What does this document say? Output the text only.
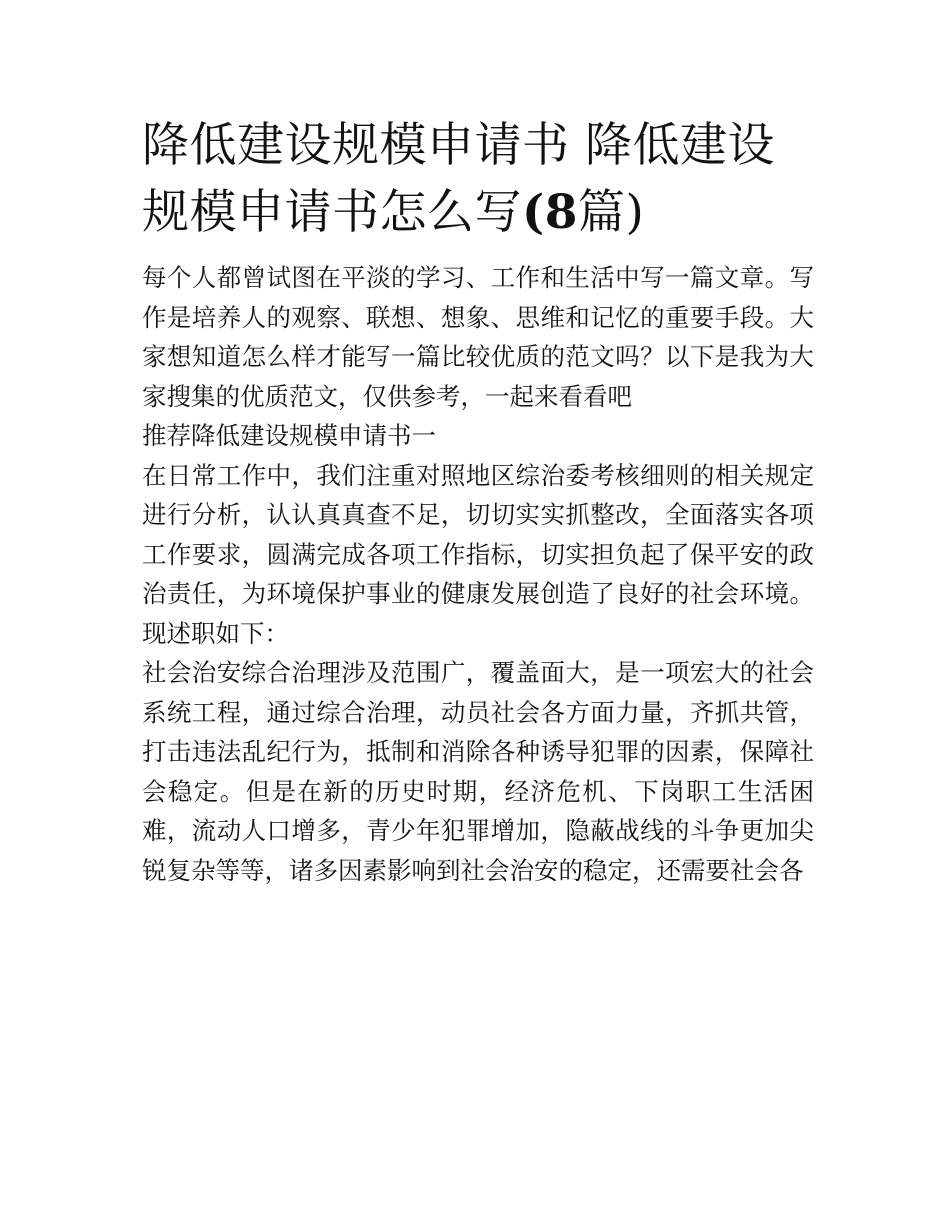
降低建设规模申请书 降低建设规模申请书怎么写(8篇)

每个人都曾试图在平淡的学习、工作和生活中写一篇文章。写作是培养人的观察、联想、想象、思维和记忆的重要手段。大家想知道怎么样才能写一篇比较优质的范文吗？以下是我为大家搜集的优质范文，仅供参考，一起来看看吧

推荐降低建设规模申请书一

在日常工作中，我们注重对照地区综治委考核细则的相关规定进行分析，认认真真查不足，切切实实抓整改，全面落实各项工作要求，圆满完成各项工作指标，切实担负起了保平安的政治责任，为环境保护事业的健康发展创造了良好的社会环境。现述职如下：

社会治安综合治理涉及范围广，覆盖面大，是一项宏大的社会系统工程，通过综合治理，动员社会各方面力量，齐抓共管，打击违法乱纪行为，抵制和消除各种诱导犯罪的因素，保障社会稳定。但是在新的历史时期，经济危机、下岗职工生活困难，流动人口增多，青少年犯罪增加，隐蔽战线的斗争更加尖锐复杂等等，诸多因素影响到社会治安的稳定，还需要社会各
